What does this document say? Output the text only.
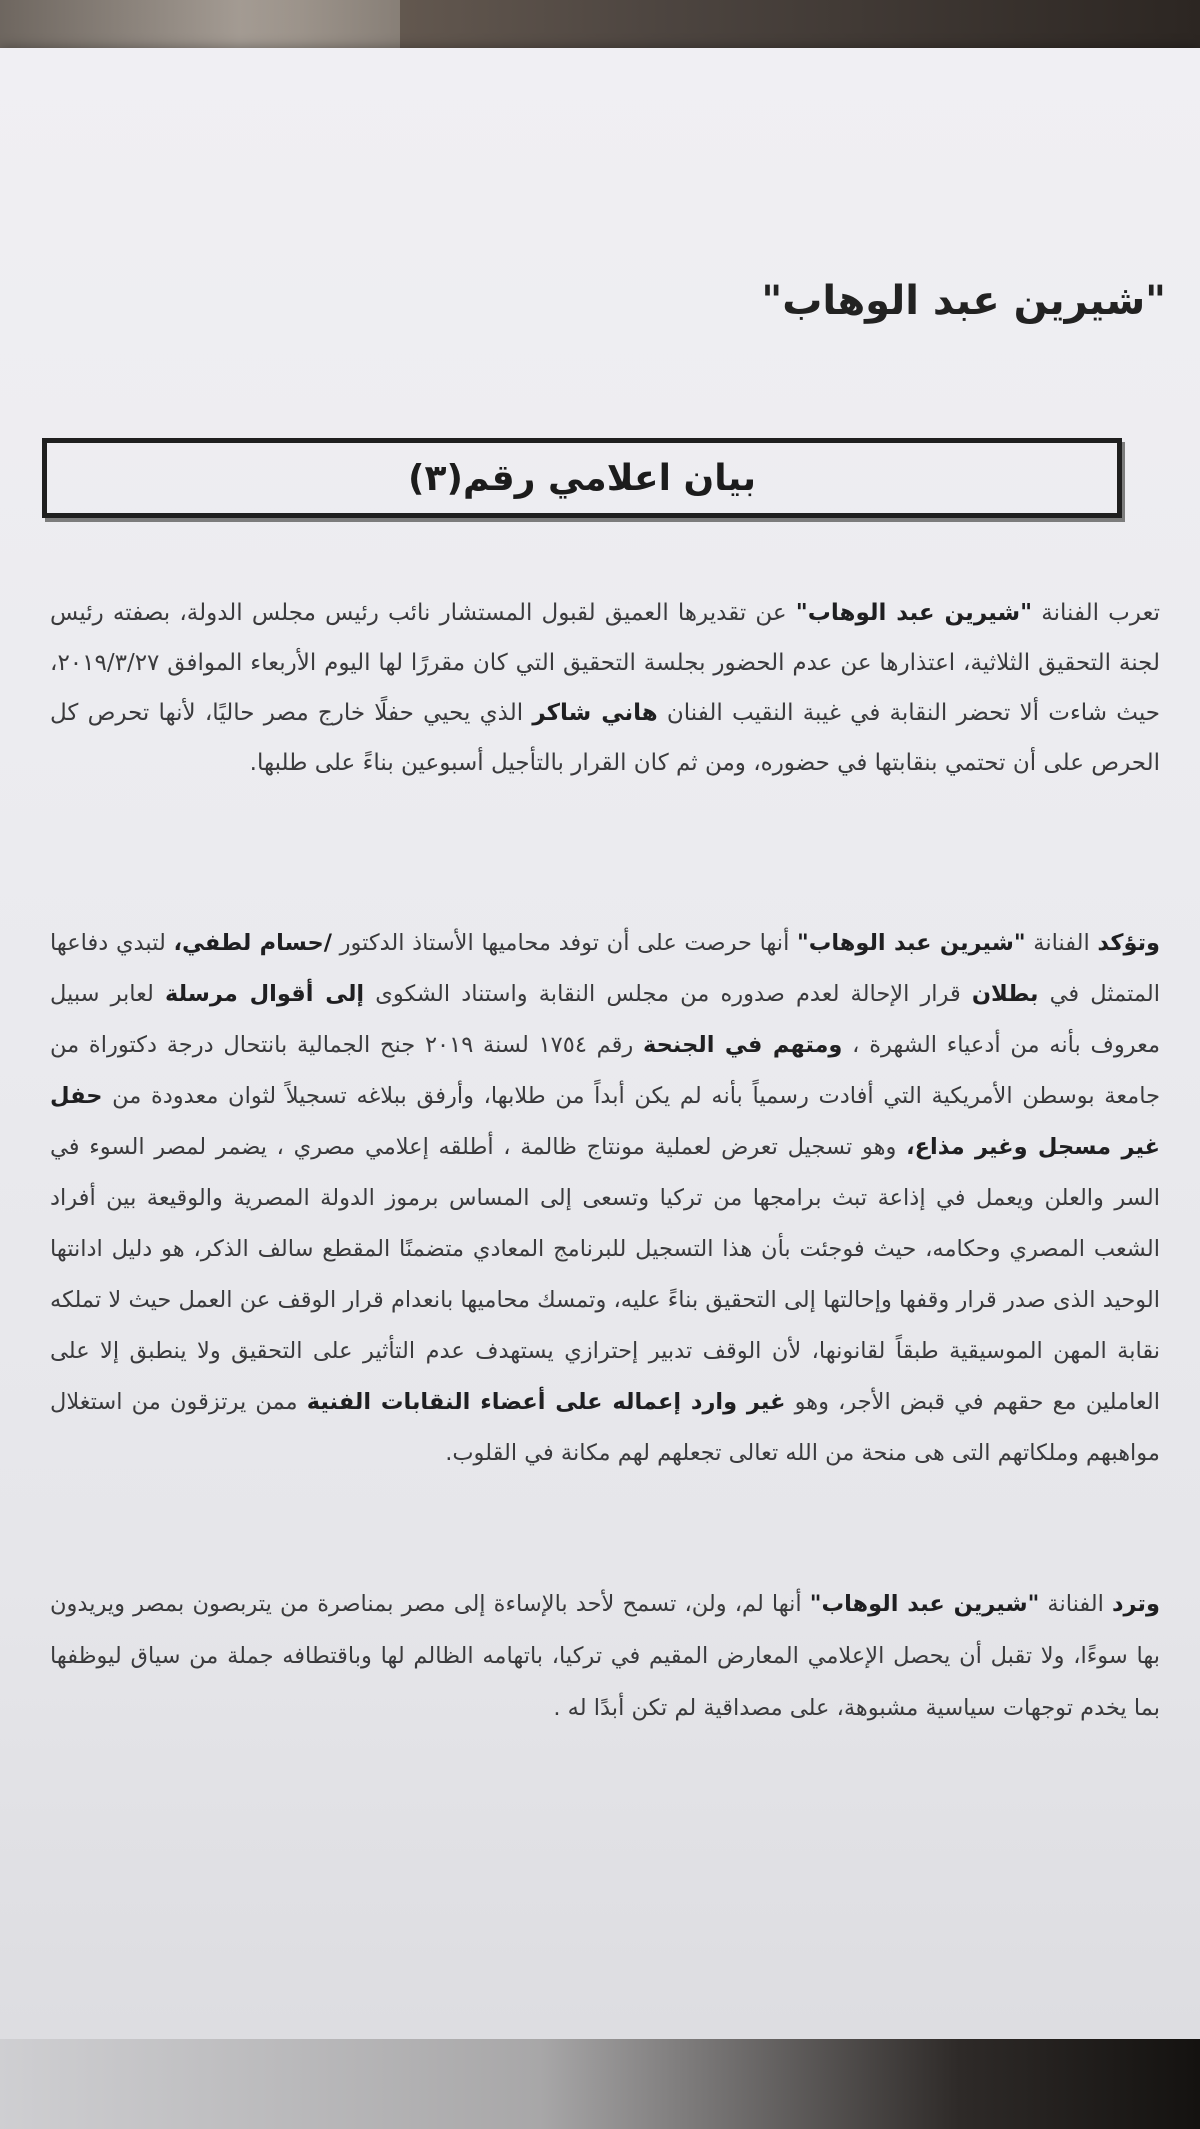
"شيرين عبد الوهاب"
بيان اعلامي رقم(٣)

تعرب الفنانة "شيرين عبد الوهاب" عن تقديرها العميق لقبول المستشار نائب رئيس مجلس الدولة، بصفته رئيس لجنة التحقيق الثلاثية، اعتذارها عن عدم الحضور بجلسة التحقيق التي كان مقررًا لها اليوم الأربعاء الموافق ٢٠١٩/٣/٢٧، حيث شاءت ألا تحضر النقابة في غيبة النقيب الفنان هاني شاكر الذي يحيي حفلًا خارج مصر حاليًا، لأنها تحرص كل الحرص على أن تحتمي بنقابتها في حضوره، ومن ثم كان القرار بالتأجيل أسبوعين بناءً على طلبها.

وتؤكد الفنانة "شيرين عبد الوهاب" أنها حرصت على أن توفد محاميها الأستاذ الدكتور /حسام لطفي، لتبدي دفاعها المتمثل في بطلان قرار الإحالة لعدم صدوره من مجلس النقابة واستناد الشكوى إلى أقوال مرسلة لعابر سبيل معروف بأنه من أدعياء الشهرة ، ومتهم في الجنحة رقم ١٧٥٤ لسنة ٢٠١٩ جنح الجمالية بانتحال درجة دكتوراة من جامعة بوسطن الأمريكية التي أفادت رسمياً بأنه لم يكن أبداً من طلابها، وأرفق ببلاغه تسجيلاً لثوان معدودة من حفل غير مسجل وغير مذاع، وهو تسجيل تعرض لعملية مونتاج ظالمة ، أطلقه إعلامي مصري ، يضمر لمصر السوء في السر والعلن ويعمل في إذاعة تبث برامجها من تركيا وتسعى إلى المساس برموز الدولة المصرية والوقيعة بين أفراد الشعب المصري وحكامه، حيث فوجئت بأن هذا التسجيل للبرنامج المعادي متضمنًا المقطع سالف الذكر، هو دليل ادانتها الوحيد الذى صدر قرار وقفها وإحالتها إلى التحقيق بناءً عليه، وتمسك محاميها بانعدام قرار الوقف عن العمل حيث لا تملكه نقابة المهن الموسيقية طبقاً لقانونها، لأن الوقف تدبير إحترازي يستهدف عدم التأثير على التحقيق ولا ينطبق إلا على العاملين مع حقهم في قبض الأجر، وهو غير وارد إعماله على أعضاء النقابات الفنية ممن يرتزقون من استغلال مواهبهم وملكاتهم التى هى منحة من الله تعالى تجعلهم لهم مكانة في القلوب.

وترد الفنانة "شيرين عبد الوهاب" أنها لم، ولن، تسمح لأحد بالإساءة إلى مصر بمناصرة من يتربصون بمصر ويريدون بها سوءًا، ولا تقبل أن يحصل الإعلامي المعارض المقيم في تركيا، باتهامه الظالم لها وباقتطافه جملة من سياق ليوظفها بما يخدم توجهات سياسية مشبوهة، على مصداقية لم تكن أبدًا له .
